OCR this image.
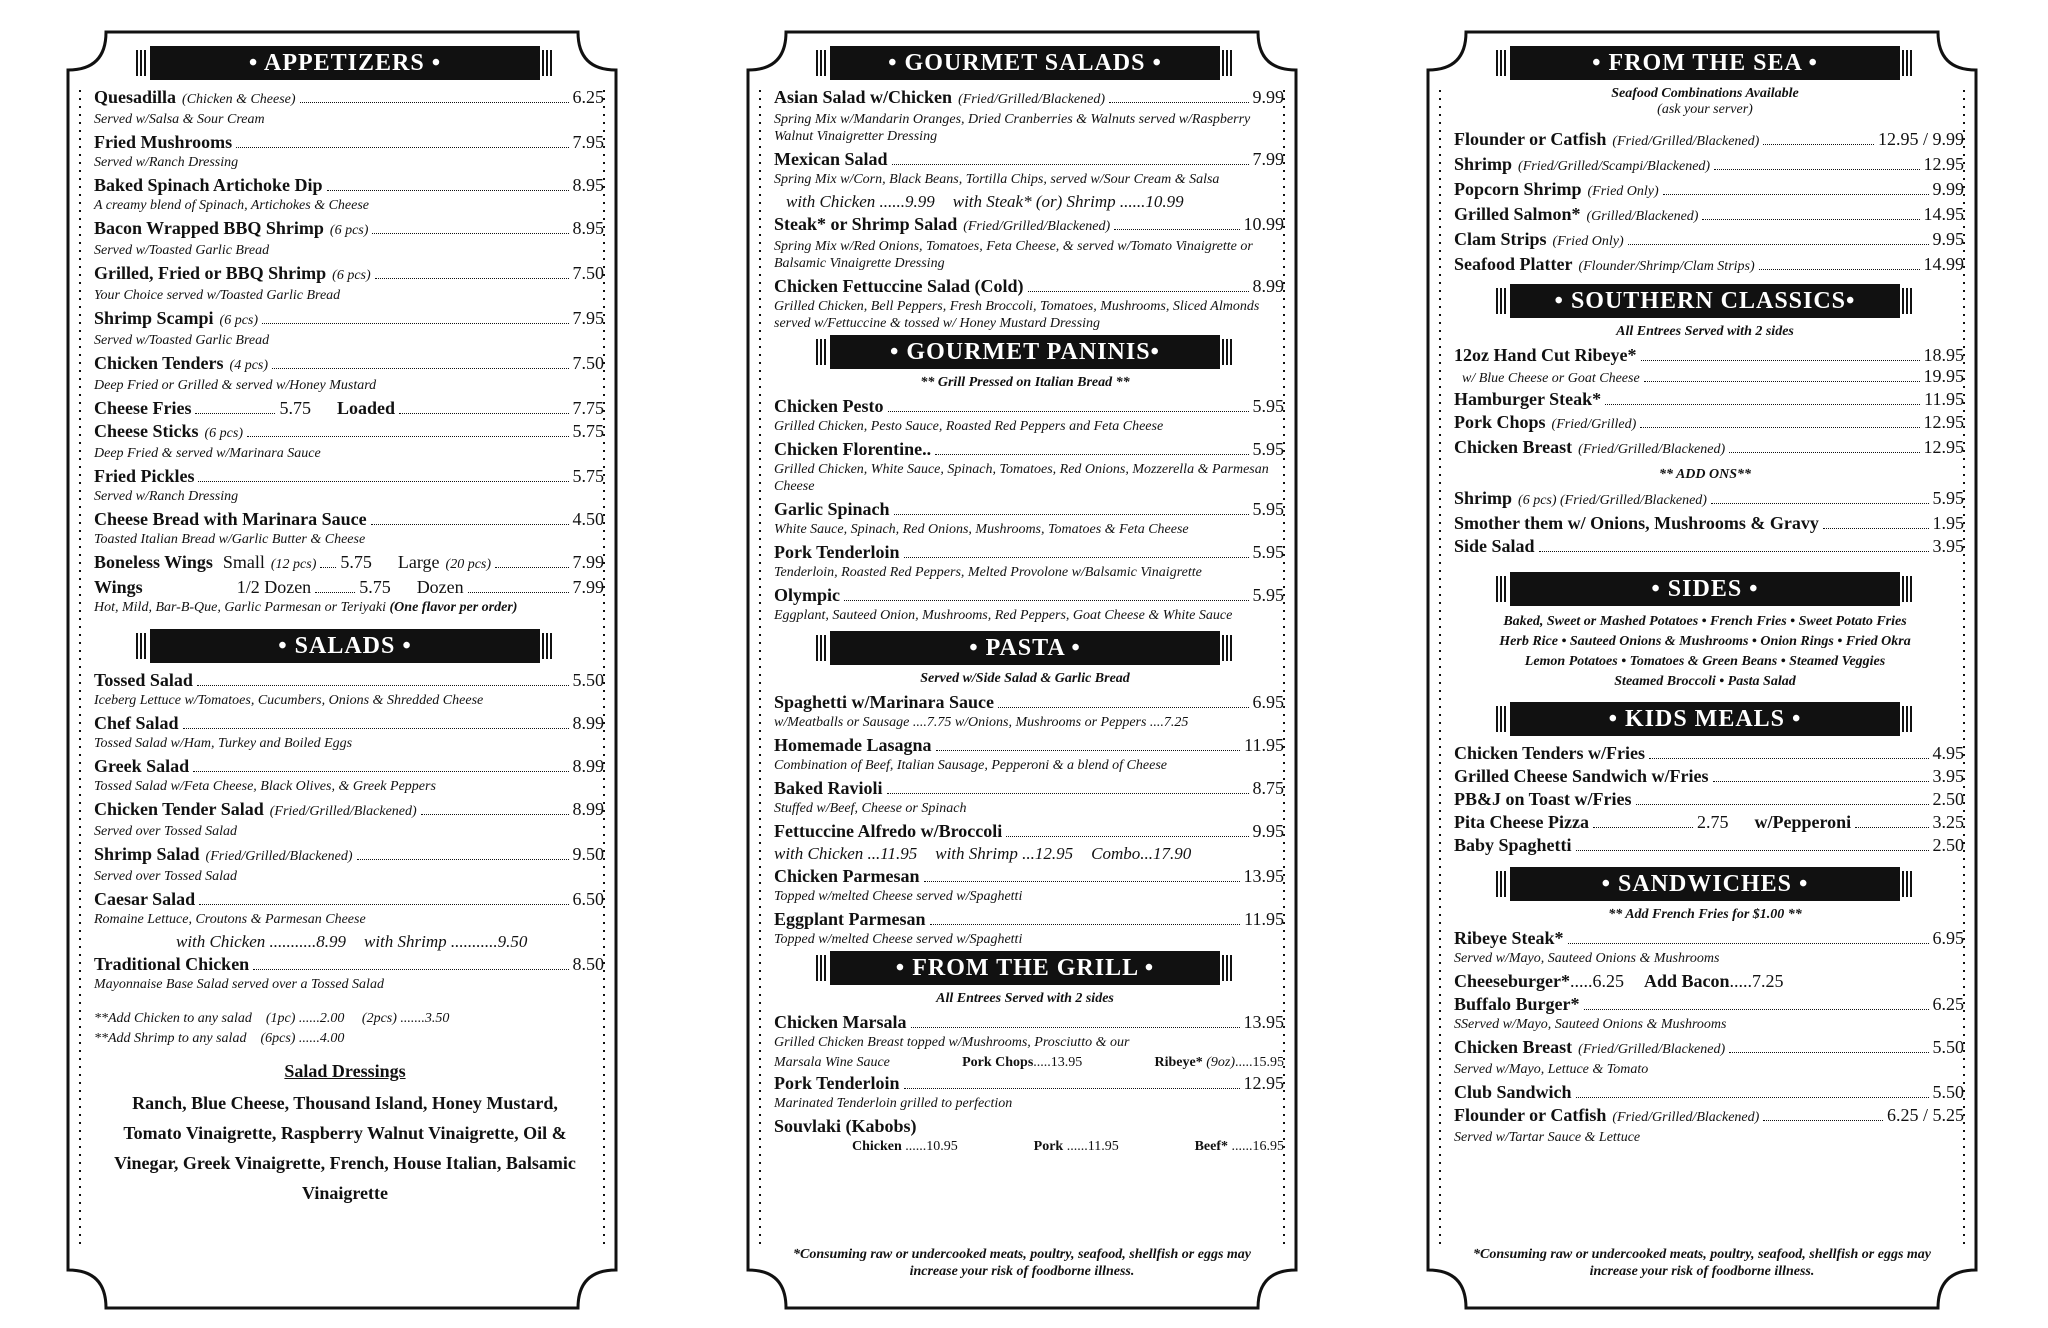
• APPETIZERS •
Quesadilla (Chicken & Cheese)	6.25
Served w/Salsa & Sour Cream
Fried Mushrooms	7.95
Served w/Ranch Dressing
Baked Spinach Artichoke Dip	8.95
A creamy blend of Spinach, Artichokes & Cheese
Bacon Wrapped BBQ Shrimp (6 pcs)	8.95
Served w/Toasted Garlic Bread
Grilled, Fried or BBQ Shrimp (6 pcs)	7.50
Your Choice served w/Toasted Garlic Bread
Shrimp Scampi (6 pcs)	7.95
Served w/Toasted Garlic Bread
Chicken Tenders (4 pcs)	7.50
Deep Fried or Grilled & served w/Honey Mustard
Cheese Fries	5.75 Loaded	7.75
Cheese Sticks (6 pcs)	5.75
Deep Fried & served w/Marinara Sauce
Fried Pickles	5.75
Served w/Ranch Dressing
Cheese Bread with Marinara Sauce	4.50
Toasted Italian Bread w/Garlic Butter & Cheese
Boneless Wings Small (12 pcs) 5.75 Large (20 pcs)	7.99
Wings	1/2 Dozen	5.75 Dozen	7.99
Hot, Mild, Bar-B-Que, Garlic Parmesan or Teriyaki (One flavor per order)
• SALADS •
Tossed Salad	5.50
Iceberg Lettuce w/Tomatoes, Cucumbers, Onions & Shredded Cheese
Chef Salad	8.99
Tossed Salad w/Ham, Turkey and Boiled Eggs
Greek Salad	8.99
Tossed Salad w/Feta Cheese, Black Olives, & Greek Peppers
Chicken Tender Salad (Fried/Grilled/Blackened)	8.99
Served over Tossed Salad
Shrimp Salad (Fried/Grilled/Blackened)	9.50
Served over Tossed Salad
Caesar Salad	6.50
Romaine Lettuce, Croutons & Parmesan Cheese
with Chicken ...........8.99 with Shrimp ...........9.50
Traditional Chicken	8.50
Mayonnaise Base Salad served over a Tossed Salad
**Add Chicken to any salad    (1pc) ......2.00     (2pcs) .......3.50
**Add Shrimp to any salad    (6pcs) ......4.00
Salad Dressings
Ranch, Blue Cheese, Thousand Island, Honey Mustard, Tomato Vinaigrette, Raspberry Walnut Vinaigrette, Oil & Vinegar, Greek Vinaigrette, French, House Italian, Balsamic Vinaigrette
• GOURMET SALADS •
Asian Salad w/Chicken (Fried/Grilled/Blackened)	9.99
Spring Mix w/Mandarin Oranges, Dried Cranberries & Walnuts served w/Raspberry Walnut Vinaigretter Dressing
Mexican Salad	7.99
Spring Mix w/Corn, Black Beans, Tortilla Chips, served w/Sour Cream & Salsa
with Chicken ......9.99 with Steak* (or) Shrimp ......10.99
Steak* or Shrimp Salad (Fried/Grilled/Blackened)	10.99
Spring Mix w/Red Onions, Tomatoes, Feta Cheese, & served w/Tomato Vinaigrette or Balsamic Vinaigrette Dressing
Chicken Fettuccine Salad (Cold)	8.99
Grilled Chicken, Bell Peppers, Fresh Broccoli, Tomatoes, Mushrooms, Sliced Almonds served w/Fettuccine & tossed w/ Honey Mustard Dressing
• GOURMET PANINIS•
** Grill Pressed on Italian Bread **
Chicken Pesto	5.95
Grilled Chicken, Pesto Sauce, Roasted Red Peppers and Feta Cheese
Chicken Florentine..	5.95
Grilled Chicken, White Sauce, Spinach, Tomatoes, Red Onions, Mozzerella & Parmesan Cheese
Garlic Spinach	5.95
White Sauce, Spinach, Red Onions, Mushrooms, Tomatoes & Feta Cheese
Pork Tenderloin	5.95
Tenderloin, Roasted Red Peppers, Melted Provolone w/Balsamic Vinaigrette
Olympic	5.95
Eggplant, Sauteed Onion, Mushrooms, Red Peppers, Goat Cheese & White Sauce
• PASTA •
Served w/Side Salad & Garlic Bread
Spaghetti w/Marinara Sauce	6.95
w/Meatballs or Sausage ....7.75 w/Onions, Mushrooms or Peppers ....7.25
Homemade Lasagna	11.95
Combination of Beef, Italian Sausage, Pepperoni & a blend of Cheese
Baked Ravioli	8.75
Stuffed w/Beef, Cheese or Spinach
Fettuccine Alfredo w/Broccoli	9.95
with Chicken ...11.95 with Shrimp ...12.95 Combo...17.90
Chicken Parmesan	13.95
Topped w/melted Cheese served w/Spaghetti
Eggplant Parmesan	11.95
Topped w/melted Cheese served w/Spaghetti
• FROM THE GRILL •
All Entrees Served with 2 sides
Chicken Marsala	13.95
Grilled Chicken Breast topped w/Mushrooms, Prosciutto & our
Marsala Wine Sauce	Pork Chops.....13.95	Ribeye* (9oz).....15.95
Pork Tenderloin	12.95
Marinated Tenderloin grilled to perfection
Souvlaki (Kabobs)
Chicken ......10.95	Pork ......11.95	Beef* ......16.95
*Consuming raw or undercooked meats, poultry, seafood, shellfish or eggs may increase your risk of foodborne illness.
• FROM THE SEA •
Seafood Combinations Available
(ask your server)
Flounder or Catfish (Fried/Grilled/Blackened)	12.95 / 9.99
Shrimp (Fried/Grilled/Scampi/Blackened)	12.95
Popcorn Shrimp (Fried Only)	9.99
Grilled Salmon* (Grilled/Blackened)	14.95
Clam Strips (Fried Only)	9.95
Seafood Platter (Flounder/Shrimp/Clam Strips)	14.99
• SOUTHERN CLASSICS•
All Entrees Served with 2 sides
12oz Hand Cut Ribeye*	18.95
w/ Blue Cheese or Goat Cheese	19.95
Hamburger Steak*	11.95
Pork Chops (Fried/Grilled)	12.95
Chicken Breast (Fried/Grilled/Blackened)	12.95
** ADD ONS**
Shrimp (6 pcs) (Fried/Grilled/Blackened)	5.95
Smother them w/ Onions, Mushrooms & Gravy	1.95
Side Salad	3.95
• SIDES •
Baked, Sweet or Mashed Potatoes • French Fries • Sweet Potato Fries
Herb Rice • Sauteed Onions & Mushrooms • Onion Rings • Fried Okra
Lemon Potatoes • Tomatoes & Green Beans • Steamed Veggies
Steamed Broccoli • Pasta Salad
• KIDS MEALS •
Chicken Tenders w/Fries	4.95
Grilled Cheese Sandwich w/Fries	3.95
PB&J on Toast w/Fries	2.50
Pita Cheese Pizza	2.75 w/Pepperoni	3.25
Baby Spaghetti	2.50
• SANDWICHES •
** Add French Fries for $1.00 **
Ribeye Steak*	6.95
Served w/Mayo, Sauteed Onions & Mushrooms
Cheeseburger* .....6.25 Add Bacon .....7.25
Buffalo Burger*	6.25
SServed w/Mayo, Sauteed Onions & Mushrooms
Chicken Breast (Fried/Grilled/Blackened)	5.50
Served w/Mayo, Lettuce & Tomato
Club Sandwich	5.50
Flounder or Catfish (Fried/Grilled/Blackened)	6.25 / 5.25
Served w/Tartar Sauce & Lettuce
*Consuming raw or undercooked meats, poultry, seafood, shellfish or eggs may increase your risk of foodborne illness.
